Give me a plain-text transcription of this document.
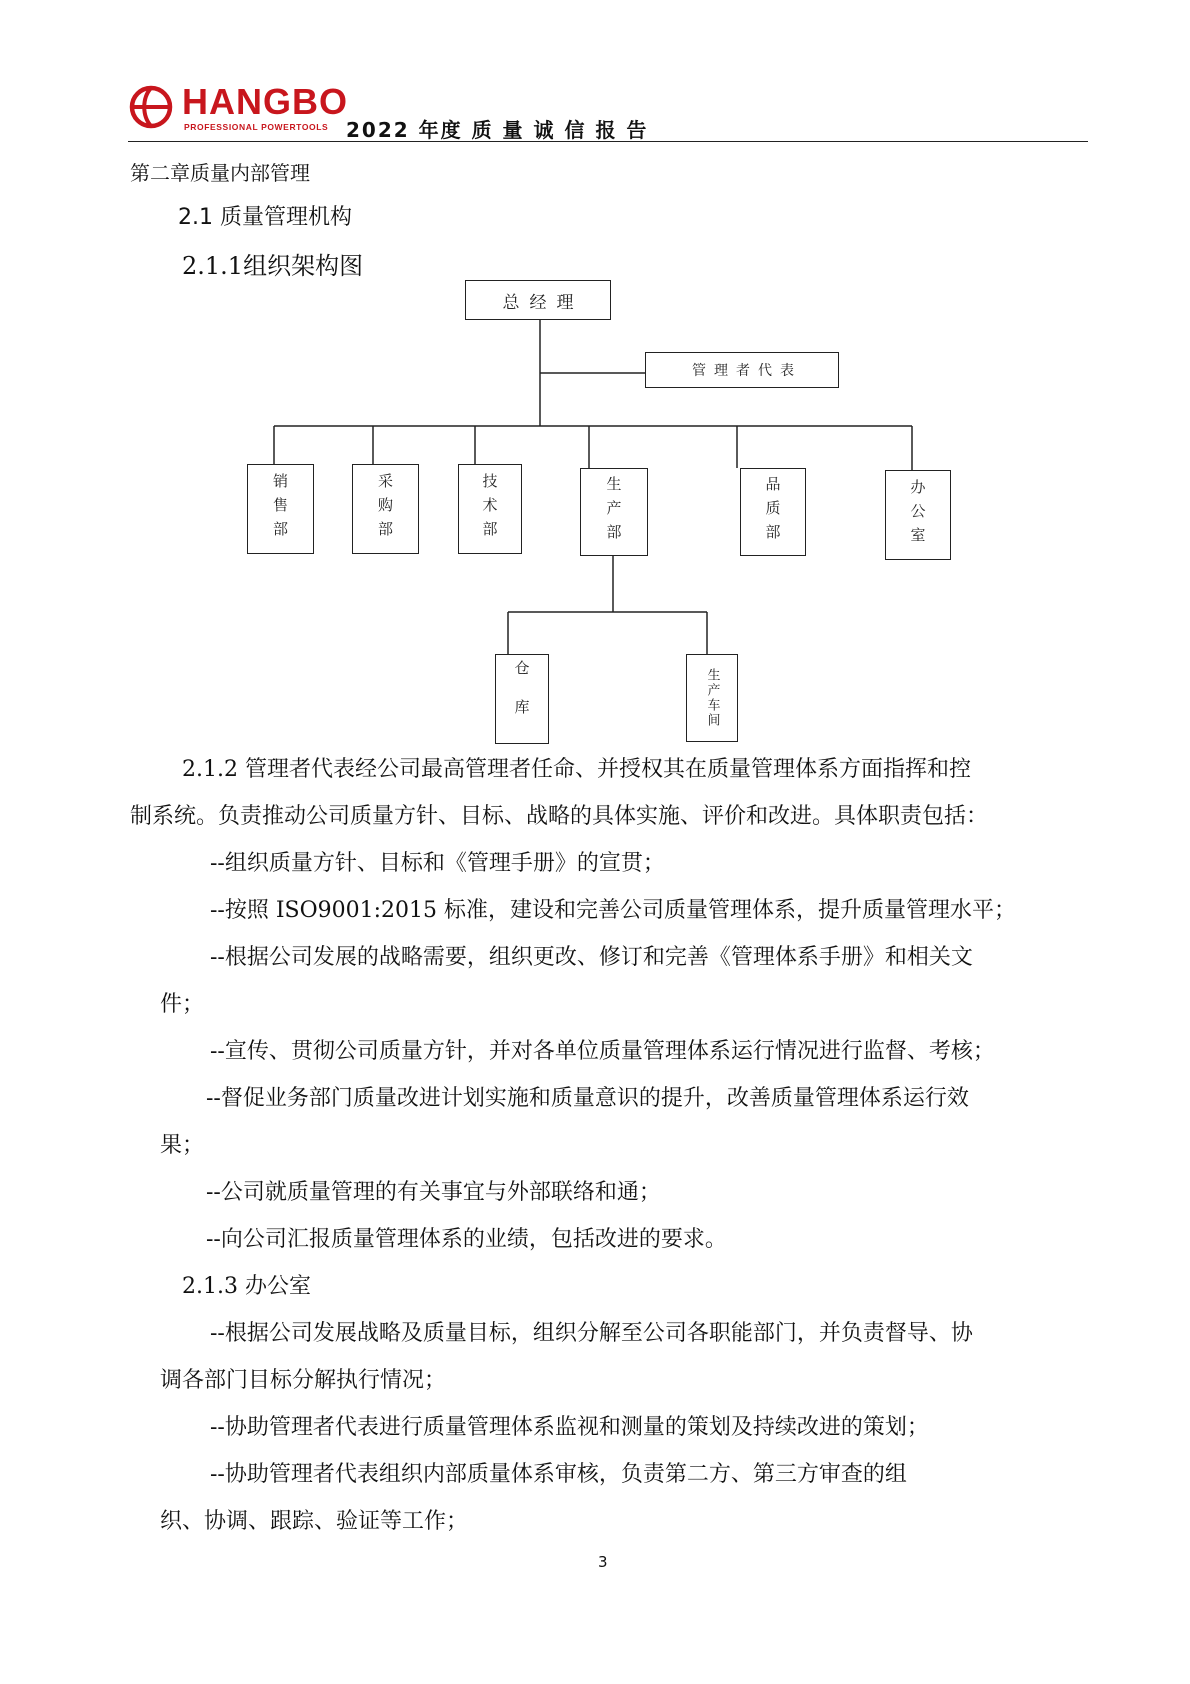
HANGBO
PROFESSIONAL POWERTOOLS 2022 年度 质 量 诚 信 报 告
第二章质量内部管理
2.1 质量管理机构
2.1.1组织架构图
总经理
管理者代表
销售部	采购部	技术部	生产部	品质部	办公室
仓库	生产车间
2.1.2 管理者代表经公司最高管理者任命、并授权其在质量管理体系方面指挥和控
制系统。负责推动公司质量方针、目标、战略的具体实施、评价和改进。具体职责包括：
--组织质量方针、目标和《管理手册》的宣贯；
--按照 ISO9001:2015 标准，建设和完善公司质量管理体系，提升质量管理水平；
--根据公司发展的战略需要，组织更改、修订和完善《管理体系手册》和相关文
件；
--宣传、贯彻公司质量方针，并对各单位质量管理体系运行情况进行监督、考核；
--督促业务部门质量改进计划实施和质量意识的提升，改善质量管理体系运行效
果；
--公司就质量管理的有关事宜与外部联络和通；
--向公司汇报质量管理体系的业绩，包括改进的要求。
2.1.3 办公室
--根据公司发展战略及质量目标，组织分解至公司各职能部门，并负责督导、协
调各部门目标分解执行情况；
--协助管理者代表进行质量管理体系监视和测量的策划及持续改进的策划；
--协助管理者代表组织内部质量体系审核，负责第二方、第三方审查的组
织、协调、跟踪、验证等工作；
3
